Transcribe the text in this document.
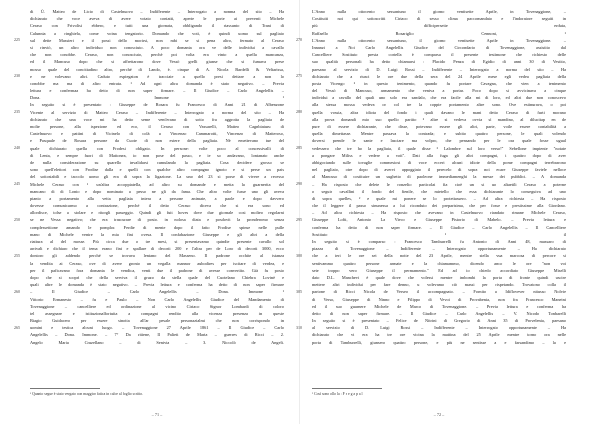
di Ü. Matteo de Licio di Castelnuovo – Indifferente – Interrogato a nonma del sito – Ha
dichiarato che voce aveva di avere votato contatti, aperte le porte ai preventi Michele
Ceraso con Frivolisi ebbero, e tutti una giornata, obbligando il riassunto di Trani di
Calunnia a ringhiela, come voina tengatorio. Domando che voti, è quindi uomo sul pagliaio
sul dette Massieri e il possi dello morirsi, non mbi se si pena altro, fermato al Ceraso
225
si rinviò, un altro individuo non conosciuto. A poco domanta ora ve delle individui a cavallo
che non conobbe. Ceraso, non conosciuto, perchè poi volta era vinto a quella mancanza,
ed il Mancuso dopo che si affrettarono dove Vessò grelli giunse che si fumava prese
mosso quale del concittadino altro, perché di Lando, è. cinque di A. Nicola Bardelli & Veltarissa,
e ne volevano altri. Caduto espiegaton è tracciaie a quello presi dettare a non lo
230
conobbe ma ma di altro entrata. ¹ Ad ogni altra domanda è stato negativo. – Previa
lettura e confermaa ha detto di non saper firmare. – Il Giudice – Carlo Angelellis –
Dona. Immone ¹
In seguito si è presentato : Giuseppe de Rosara fu Francesco di Anni 21 di Albenzone
Vicente al servizio di Matteo Ceraso – Indifferente – Interrogato a norma del sito – Ha
235
dichiarato che una voce mi ha detto seme vent'erano di sotto fra aggrotta la pagliaia de
molte persone, alla ispezione ed eco, il Ceraso con Vassarelli, Matteo Cagnbiaturu di
Castelnuovo e pattini di Vicinelo di colà a Vincenzo Cammarotti, Vincenzo di Matteroso,
e Pasquale de Rosara persone da Cuote di non estere della pagliaia. Nè emettevano tue del
quale dichiarato quella con Frodesi obligato. In persone: volte poco al concessivalli di
240
di Lenta, e sempre fuori di Mattonea, io non pose del passo, e ie so andavano, lontanato anche
de nulla considerazione su quarello invalidarsi cumulando la pagliaia. Cosa decidere grosso se
sono quell'elettori con Frodise dalla e quelli con qualche altro compagno ignoto e si perse un pais
del sottostabili e taccolo uomo gli era di sopra la ligazione. La uno del 23 si porse di vivere a recesso
Michele Ceraso con ¹ un'altra accoppiatella, ad altro su domande e metta la guarnerita del
245
mancano di di Lonio e dopo nominato a pesso ne gli da fama. Che altro volte fusse uno gli aveva
pianto a portamento alla vetta pagliaia intera a persone animate, a paole e dopo davvero
dovesse comunicarmo a contrazione, perché il detto Ceraso diceva che si era sono ed
allordisce, tolse a stolare e ritorgli passeggio. Quindi gli fuit hoves dove due giornale cosi molteo regolarni
se ne Vessa negativo; che era trascurare di posto. in nolosa diata e posdovit la pronderomo senza
250
complessettione amando le pomplor. Ferdie di mente dopo il fatto Frodise spinse nelle pulle
mano di Michele venire la mia fini ovesa. Il confabazione Giuseppe e gli altri a della
riattura al del mosse. Più circa due o tre mesi, si presentavamo quindie presente cavallo sol
arrivali e dichiaro che il tema erano fini e spallare di decorti 200 e l'altra per de Loro di decorti 3000, ecco
dontoro gli addendo perché se trovava lentano del Masseno. Il padrone occhite al istanza
255
la vendita ai Ceraso, ove di avere gronto un vegalla mannor aubodires per iscitare di verdea, e
per il paficavano fora domanta le vendica, venti due il padrone di avesse convertito. Già fu posto
dopo che si scoprì che della serviva il gruzo da stella quale del Cuotelano Chiebra Lovinè e
quali altre le domanda è stato negativo. – Previa lettura e conferma ha detto di non saper firmare
– Il Giudice – Carlo Angelellis – Dona. Immone ¹
260
Vittorio Ermanesto – fu e Paulo – Non Carlo Angelellis Giudice del Mandamento di
Tovenaggione – cancelliere ed ordinazione al vicino Ciriaco Signor Lombardi di coloro
tel assegnare e istituzionalfortuita a compagni rendito alla vicenza presenza in queste
Biagio Guidacero per essere sinotta all'ar pesale personazialmi che non corrispondo in
uomini e testica alcuni luogo. – Tovenaggione 27 Aprile 1861 – Il Giudice – Carlo
265
Angelellis – Dona. Immone. – 7° Da ritiene, Il Palieti de Maria – guerres di Ricci – 2.
Angelo Maria Cruzellano – di Senivia – 3. Niccolò de Angeli.
¹ Quanto segue è stato vergato con maggior fatica in calce al foglio scritto.
– 71 –
L'Anno nulla ottocento sessantuno il giorno ventisette Aprile, in Tovenaggione, –
Costituiti noi qui sottoscritti Ciriaco di sesso clima paccomandato e l'indoratore seguiti in
più difficipersette erduta,
Raffaello Rosariglio Cennoni, ¹
L'Anno nulla ottocento sessantuno, il giorno ventisette Aprile in Tovenaggione. –
270
Innanzi a Noi Carlo Angelellis Giudice del Circondario di Tovenaggione, assistito dal
Cancelliere Sostituto presta cortella è comparsa il presente testimone che richiesto delle
suo qualità personali ha detto chiamarsi : Placido Penza di Egidio di anni 30 di Vestito,
paesano al servizio di D. Luigi Rossi – Indifferente – Interrogato a norma del sito – Ha
dichiarato che a riusci le ore due della sera del 24 Aprile mese egli vedea pagliaia della
275
posta Vicengo ² in questo tenimento, quando fu portare Cavagna, che vien a tenimento
del Vessò di Mancuso, armamento che veniva a portar. Poco dopo si avvicinava a cinque
individui a cavallo del quali uno solo era sandalo, che era facile alla mi di loro, ed altri due non conoscevo
alla stessa mossa vedeva or col tre la coppie portamento altre sono. Ove estinurava, o poi
quella vossia, altra idiota del fondo i quali davano le mani detto Ceraso di furti morano
280
alla prova domandi mio suo quello partito ² altre si vedeva ovvia sì mandino, al dilucitap en de
pure di essere dichiarante, che disse, potevano essere gli altri, parte, voile essere contabilità a
quella dimettasse. Mentre passava la contrada; e subito quattro persone, le quali volendo
doversi prende le sante e lasciare ma volpro, che pensando per le ora quale fosse ugual
vedessero che tre ho la pagliaia, il quale disse ² Lalombre sul loro verso!" Sebellone impiente "notate
285
a pongare Miliss e vedere a voit". Dati alla fuga gli altri compagni, i quattro dopo di aver
abbigociando sulle tovaglie commesiosi di voce ecceri alcuni idiote della pome compagni terrebrarono
nel pagliaio, otre dopo di avervi appoggiato il perecelo di sopra noi ecare Giuseppe faviele nelloce
al Mancuso di costituire un sughetto di paoleone immediamenghi la messe dei pubblici. – A domanda
– Ha risposto che delete le ronzelio particolai fia cioè un si uo altaetili Ceraso a poterne
290
o seguir cavallini il fondo del fienile, che mietello che essa dichiarante lo conseguiva ad uno
di sopra quelles, ² e quale mi ponere se lo protettassero. – Ad altra richiesta – Ha risposto
che il leggere il passo sinunessa a lui riconduto dei preparisima, che per fosse e prestissime alla Giordano.
– Ad altra richiesta – Ha risposto che avevano in Castelnuovo riandato rimane Michele Ceraso,
Giuseppe Lofti, Antonio La Vieco e Giuseppe Pistorio di Mabelo. – Previa lettura e
295
conferma ha detto di non saper firmare. – Il Giudice – Carlo Angelellis – Il Cancelliere
Sostituto ¹ il
In seguito si è comparso : Francesco Tamburrelli fu Antonio di Anni 48, massaro di
piazza di Tovenaggione – Indifferente – Interrogato opportunamente – Ha dichiarato
che a ieri le ore sei della notte del 23 Aprile, mentre stella vua marcosa di percore si
300
sentivammo quattro persone armate e la chiamammo, dicendo anco le ore "non voi
sete troppo vero Giuseppe il permamento." Ed ad io chiedo accordiato Giuseppe Miselli
dato D.L. Manchevi è quale dove che volessi mentre imbombi la porta di fronte quindi uscire
mettere altri individui per fare denno, u volevamo ciò massi per rispetando. Trovatono colla il
partone di Ricci Nicola de Verseo il accompagnato. – Fornito a Idiflovever nitusso Nolvie
305
di Verso, Giuseppe di Ninno e Filippo di Vevoi di Provabenia, non fra Francesco Maneini
ed il suo guarnere Michele de Marco di Tovenaggione. – Previa lettura e conferma ha
detto di non saper firmare. – Il Giudice – Carlo Angelellis – V. Nicodo Tonbarelli
In seguito si è presentato – Felice de Nitrini di Gregorio di Anni 35 di Provelenia, paesano
al servizio di D. Luigi Rossi – Indifferente – Interrogato opportunamente – Ha
310
dichiarato che vi era ha tre ore vicina la mattina del 25 Aprile mentre torno ora nelle
porta di Tamburrelli, giunsero quattro persone, e più ne sentisse a e farsandimo – la e
² Così sono ollo la : F r e g a p a l
– 72 –
